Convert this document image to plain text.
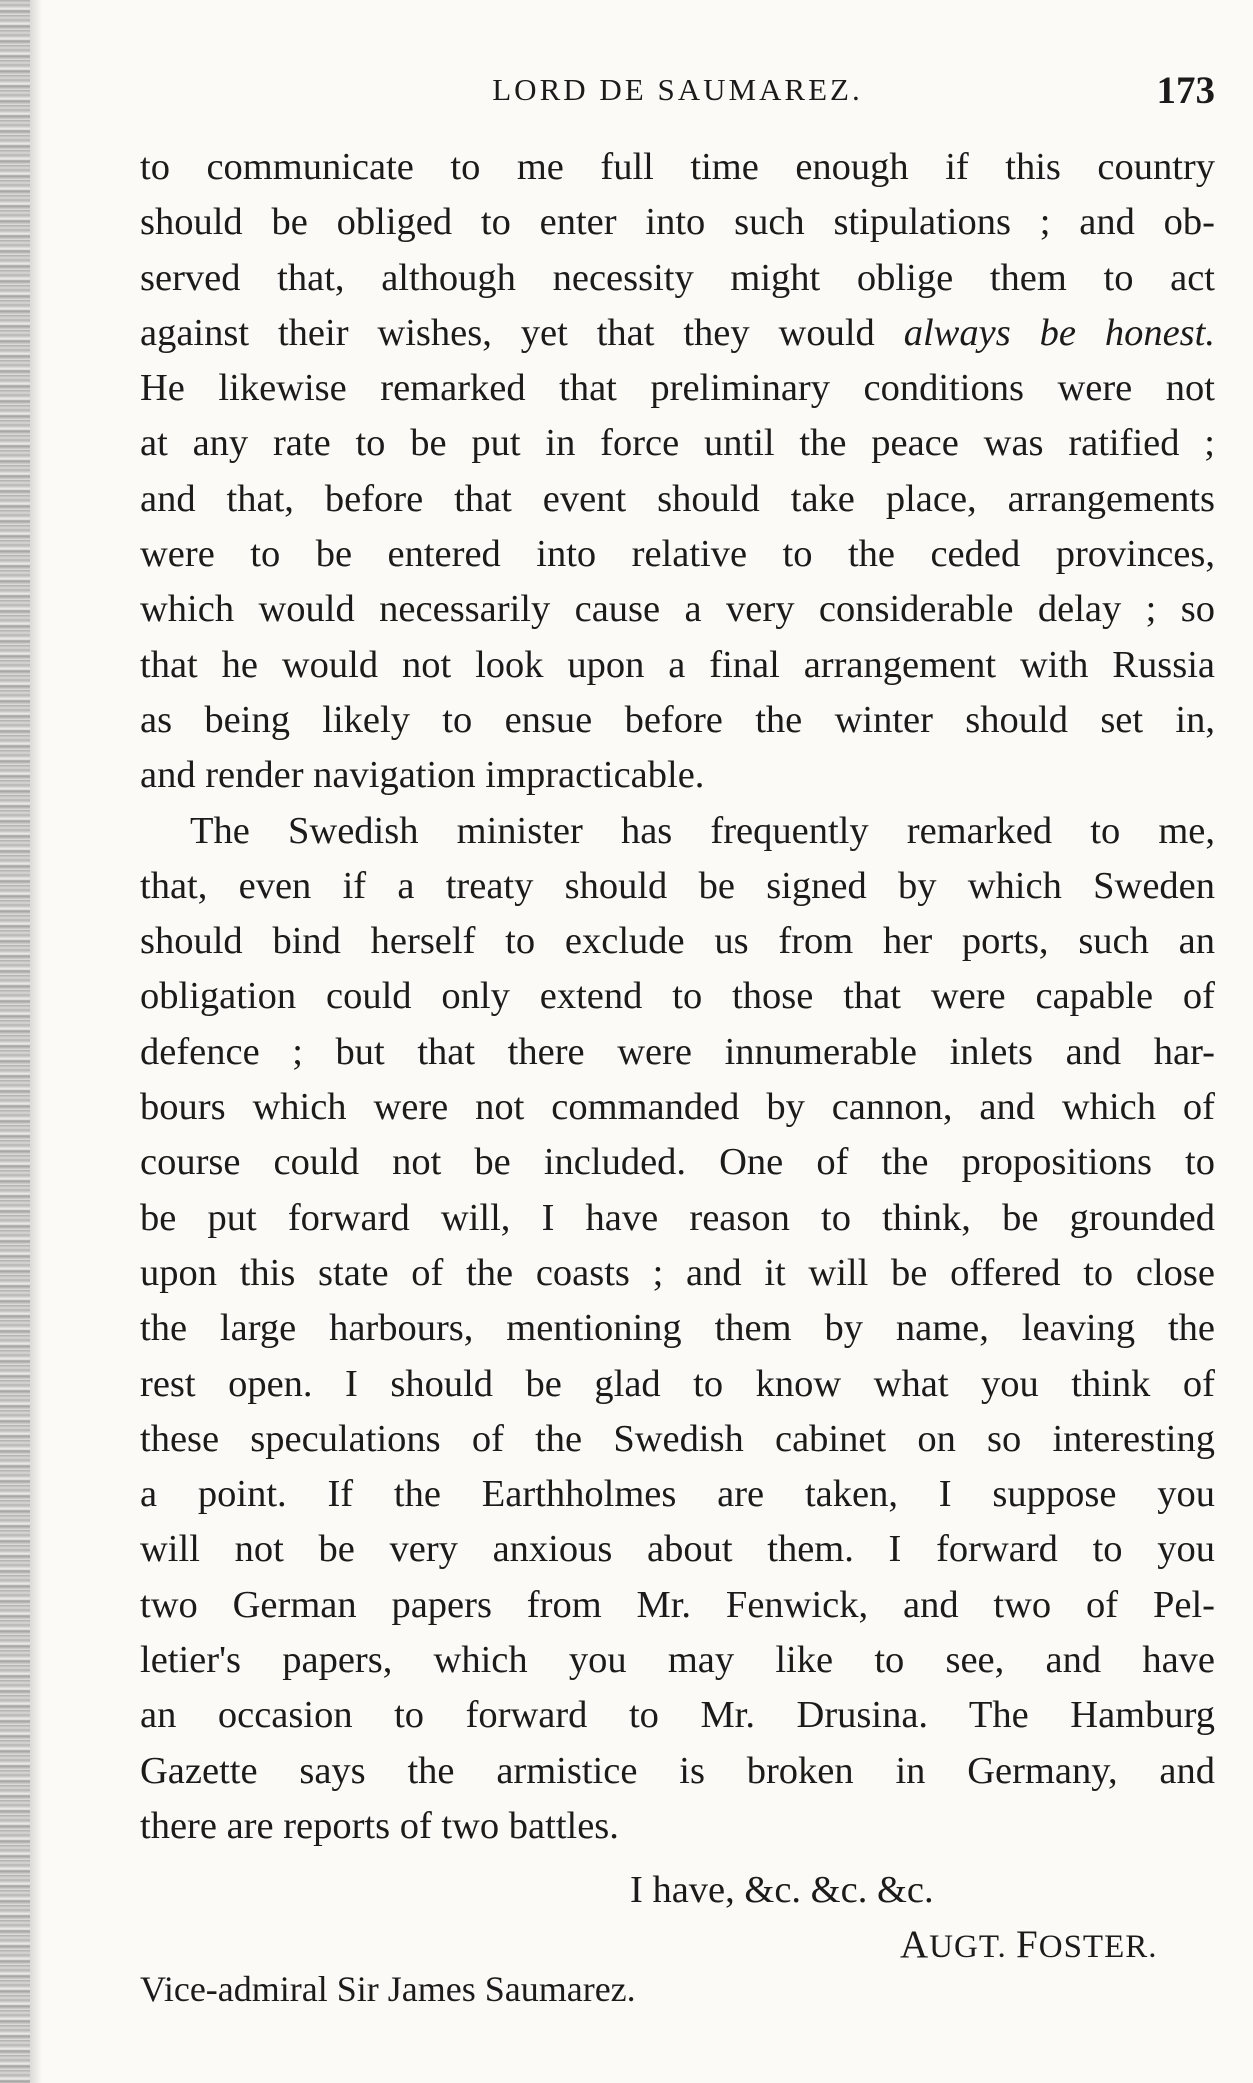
LORD DE SAUMAREZ.	173
to communicate to me full time enough if this country
should be obliged to enter into such stipulations ; and ob-
served that, although necessity might oblige them to act
against their wishes, yet that they would always be honest.
He likewise remarked that preliminary conditions were not
at any rate to be put in force until the peace was ratified ;
and that, before that event should take place, arrangements
were to be entered into relative to the ceded provinces,
which would necessarily cause a very considerable delay ; so
that he would not look upon a final arrangement with Russia
as being likely to ensue before the winter should set in,
and render navigation impracticable.
The Swedish minister has frequently remarked to me,
that, even if a treaty should be signed by which Sweden
should bind herself to exclude us from her ports, such an
obligation could only extend to those that were capable of
defence ; but that there were innumerable inlets and har-
bours which were not commanded by cannon, and which of
course could not be included. One of the propositions to
be put forward will, I have reason to think, be grounded
upon this state of the coasts ; and it will be offered to close
the large harbours, mentioning them by name, leaving the
rest open. I should be glad to know what you think of
these speculations of the Swedish cabinet on so interesting
a point. If the Earthholmes are taken, I suppose you
will not be very anxious about them. I forward to you
two German papers from Mr. Fenwick, and two of Pel-
letier's papers, which you may like to see, and have
an occasion to forward to Mr. Drusina. The Hamburg
Gazette says the armistice is broken in Germany, and
there are reports of two battles.
I have, &c. &c. &c.
AUGT. FOSTER.
Vice-admiral Sir James Saumarez.
